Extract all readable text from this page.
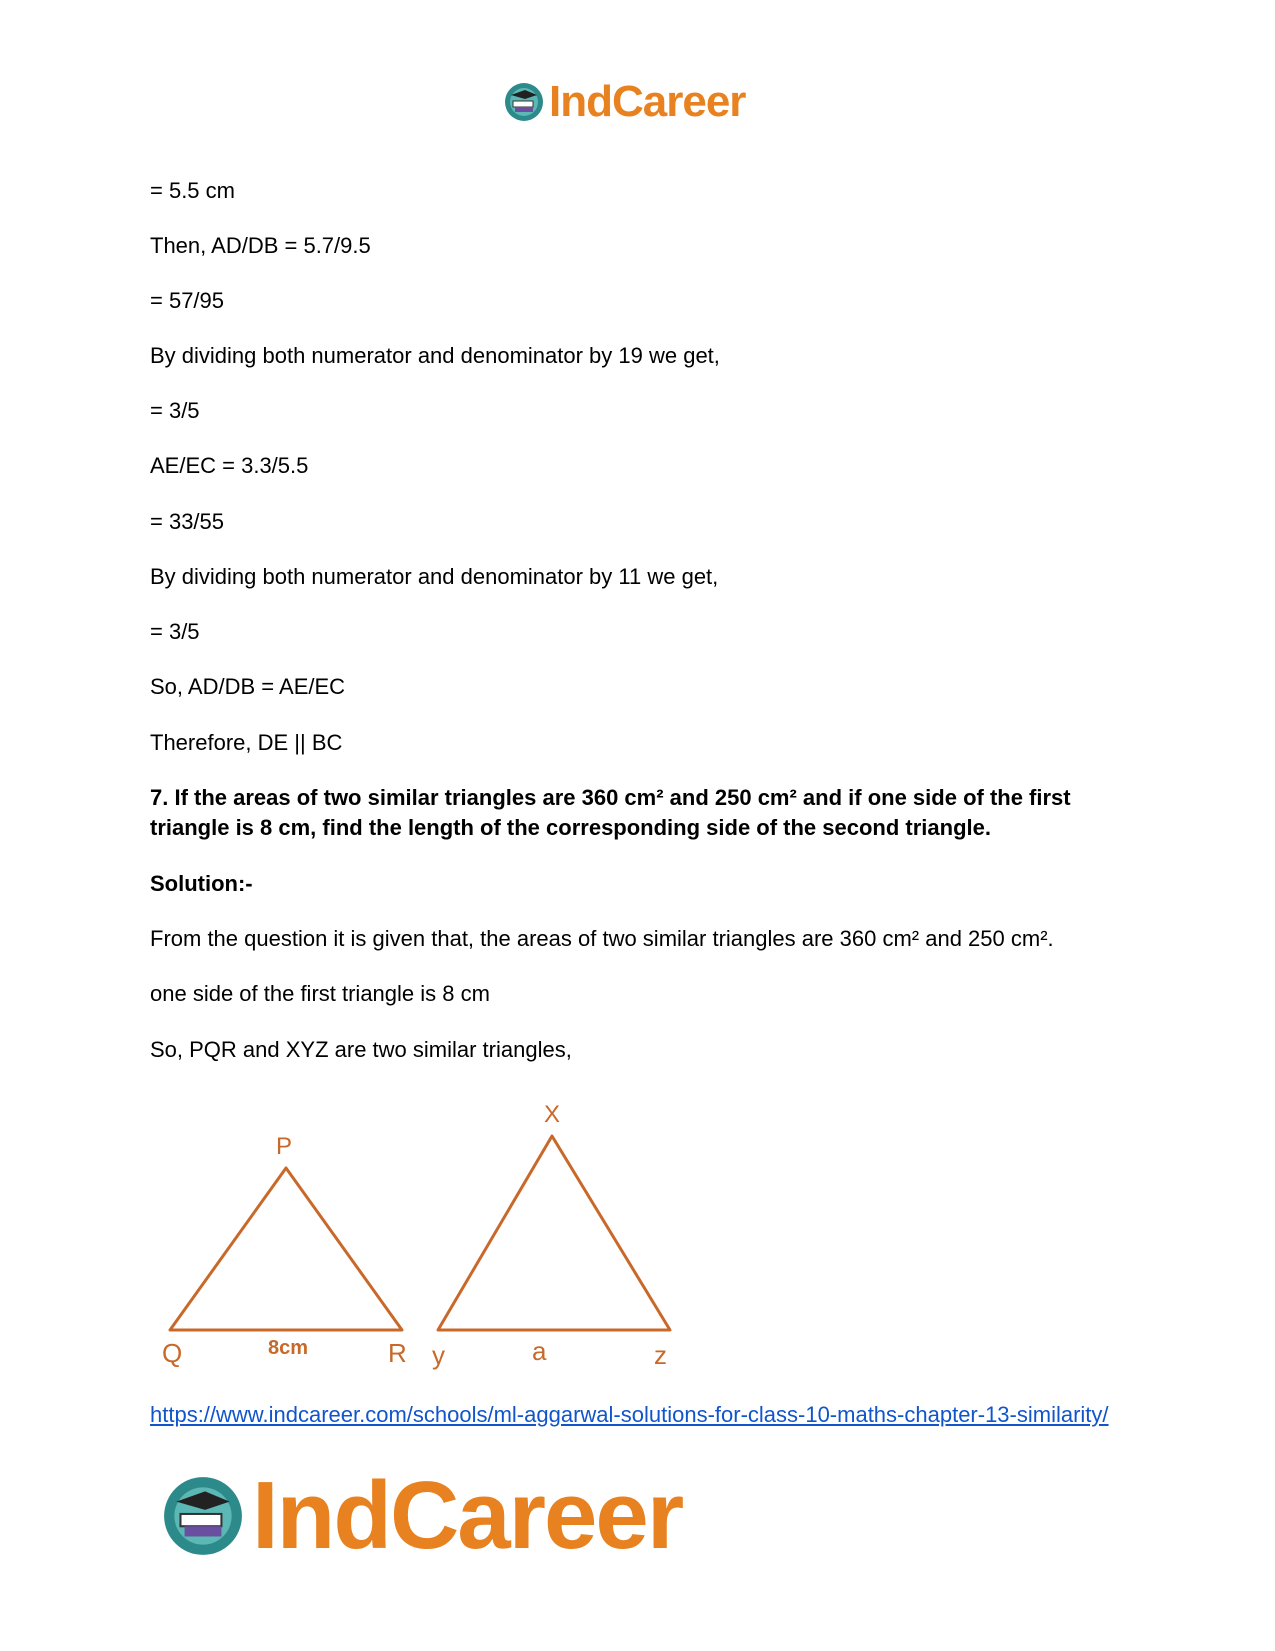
IndCareer

= 5.5 cm

Then, AD/DB = 5.7/9.5

= 57/95

By dividing both numerator and denominator by 19 we get,

= 3/5

AE/EC = 3.3/5.5

= 33/55

By dividing both numerator and denominator by 11 we get,

= 3/5

So, AD/DB = AE/EC

Therefore, DE || BC

7. If the areas of two similar triangles are 360 cm² and 250 cm² and if one side of the first triangle is 8 cm, find the length of the corresponding side of the second triangle.

Solution:-

From the question it is given that, the areas of two similar triangles are 360 cm² and 250 cm².

one side of the first triangle is 8 cm

So, PQR and XYZ are two similar triangles,

P
Q	R
8cm
X
y	z
a

https://www.indcareer.com/schools/ml-aggarwal-solutions-for-class-10-maths-chapter-13-similarity/

IndCareer
